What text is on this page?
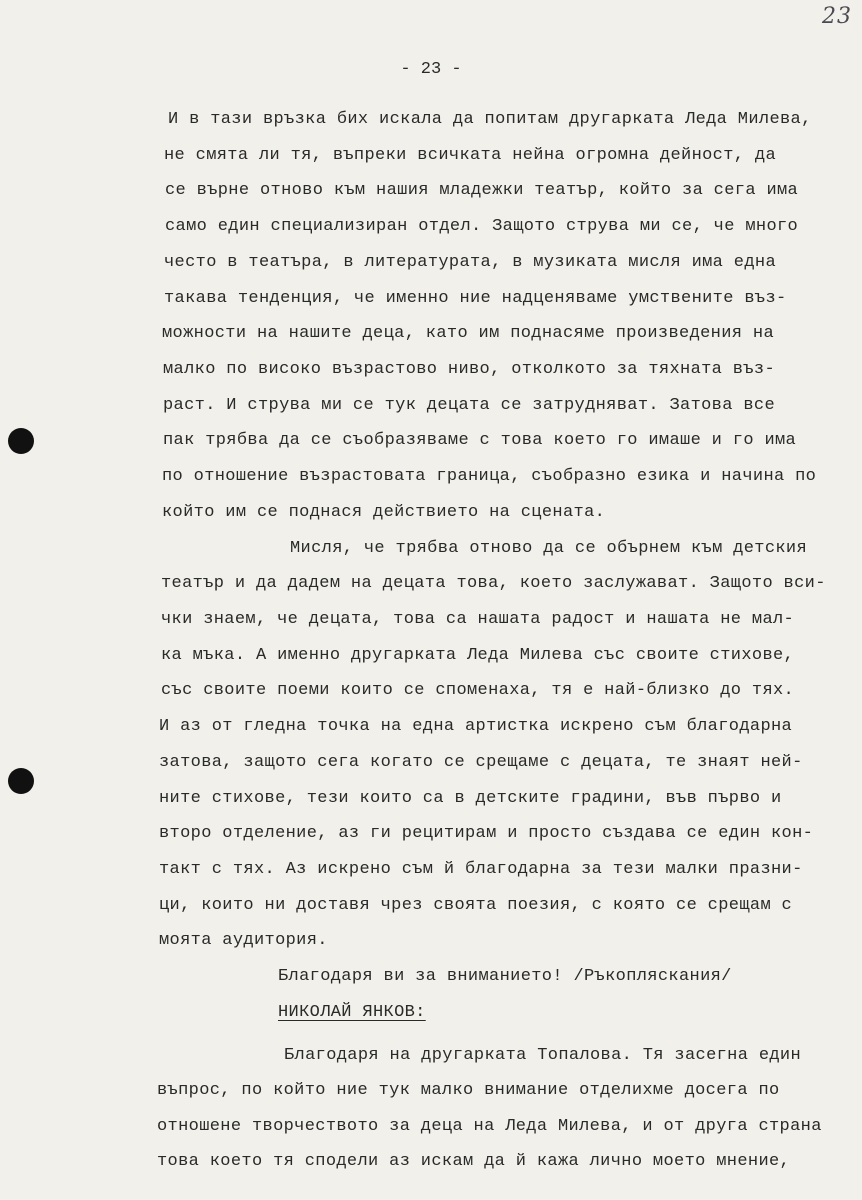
23
- 23 -
И в тази връзка бих искала да попитам другарката Леда Милева,
не смята ли тя, въпреки всичката нейна огромна дейност, да
се върне отново към нашия младежки театър, който за сега има
само един специализиран отдел. Защото струва ми се, че много
често в театъра, в литературата, в музиката мисля има една
такава тенденция, че именно ние надценяваме умствените въз-
можности на нашите деца, като им поднасяме произведения на
малко по високо възрастово ниво, отколкото за тяхната въз-
раст. И струва ми се тук децата се затрудняват. Затова все
пак трябва да се съобразяваме с това което го имаше и го има
по отношение възрастовата граница, съобразно езика и начина по
който им се поднася действието на сцената.
Мисля, че трябва отново да се обърнем към детския
театър и да дадем на децата това, което заслужават. Защото вси-
чки знаем, че децата, това са нашата радост и нашата не мал-
ка мъка. А именно другарката Леда Милева със своите стихове,
със своите поеми които се споменаха, тя е най-близко до тях.
И аз от гледна точка на една артистка искрено съм благодарна
затова, защото сега когато се срещаме с децата, те знаят ней-
ните стихове, тези които са в детските градини, във първо и
второ отделение, аз ги рецитирам и просто създава се един кон-
такт с тях. Аз искрено съм й благодарна за тези малки празни-
ци, които ни доставя чрез своята поезия, с която се срещам с
моята аудитория.
Благодаря ви за вниманието! /Ръкопляскания/
НИКОЛАЙ ЯНКОВ:
Благодаря на другарката Топалова. Тя засегна един
въпрос, по който ние тук малко внимание отделихме досега по
отношене творчеството за деца на Леда Милева, и от друга страна
това което тя сподели аз искам да й кажа лично моето мнение,
